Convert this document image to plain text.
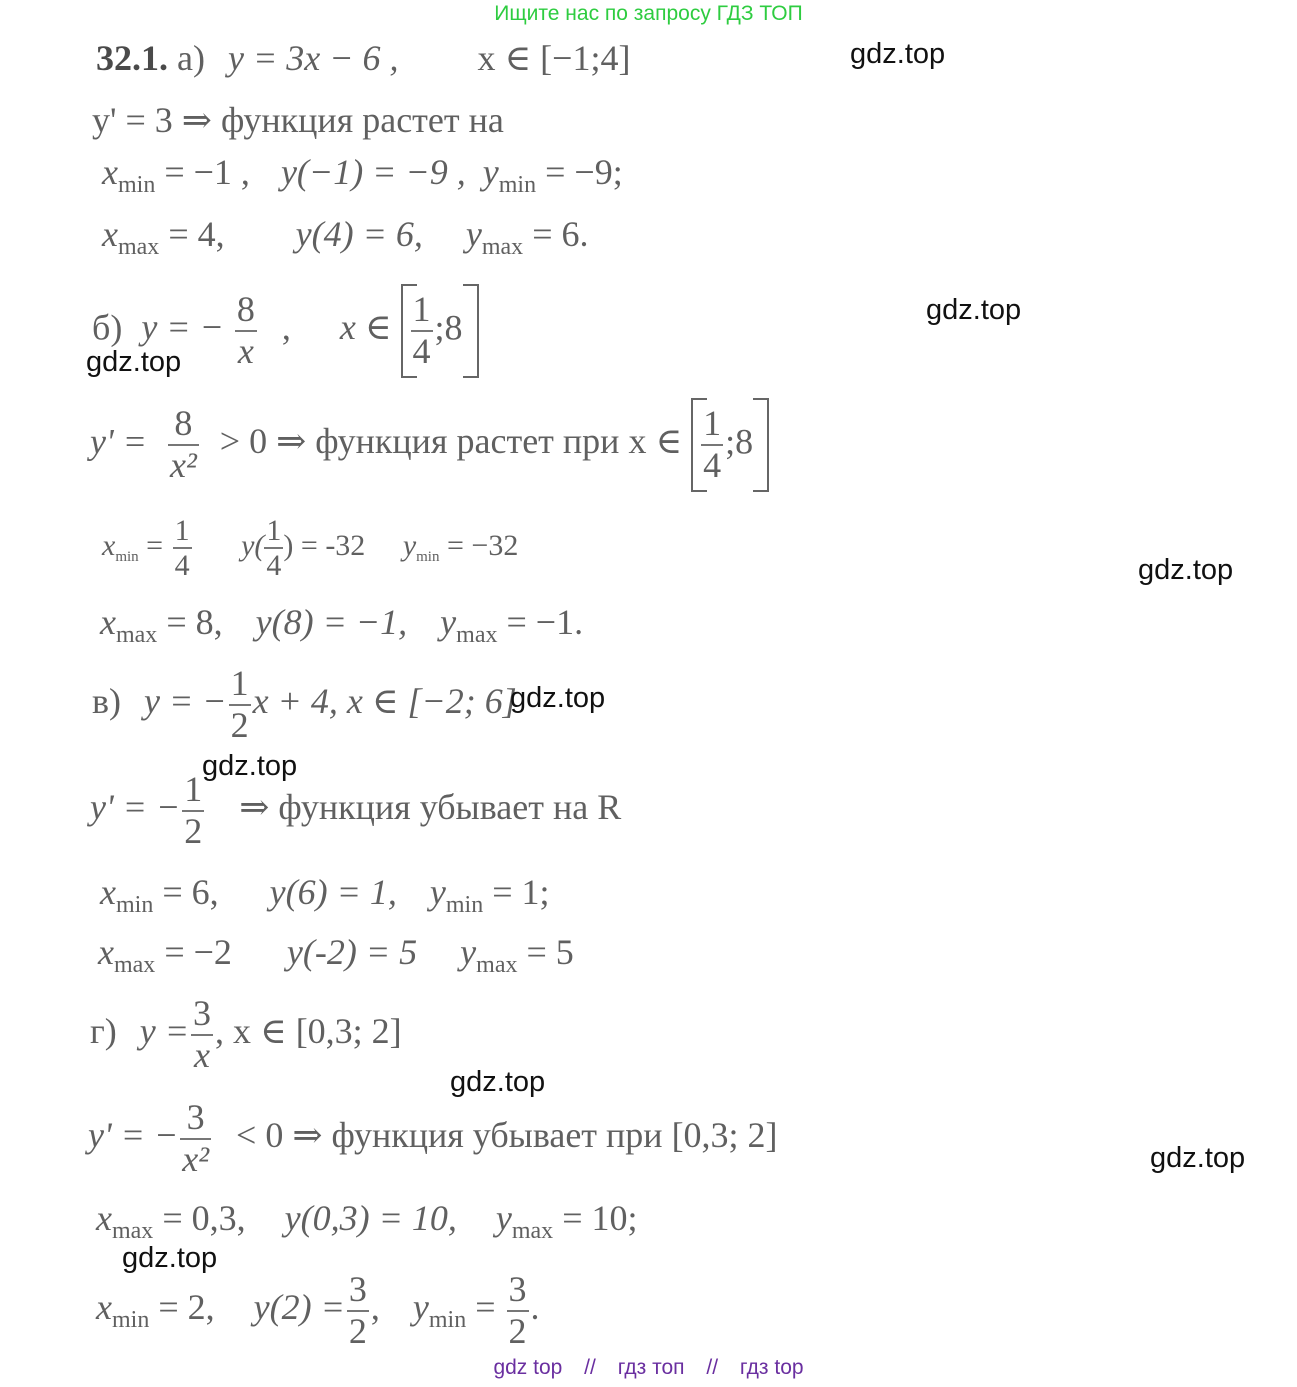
Ищите нас по запросу ГДЗ ТОП
32.1. а) y = 3x − 6 , x ∈ [−1;4]
y' = 3 ⇒ функция растет на
$x_{min} = -1$ , y(−1) = −9 , $y_{min} = -9$;
$x_{max} = 4$, y(4) = 6, $y_{max} = 6$.
б) y = − $\frac{8}{x}$ , x ∈ $\frac{1}{4}$ ;8
$y' = \frac{8}{\text{x²}} > 0$ ⇒ функция растет при x ∈ $\frac{1}{4}$ ;8
$x_{min} = \frac{1}{4} y( \frac{1}{4}$ ) = -32 $y_{min} = -32$
$x_{max} = 8$, y(8) = −1, $y_{max} = -1$.
в) y = − $\frac{1}{2}$ x + 4, x ∈ [−2; 6]
y' = − $\frac{1}{2}$ ⇒ функция убывает на R
$x_{min} = 6$, y(6) = 1, $y_{min} = 1$;
$x_{max} = -2$ y(-2) = 5 $y_{max} = 5$
г) $y = \frac{3}{x}$ , x ∈ [0,3; 2]
y' = − $\frac{3}{\text{x²}} < 0$ ⇒ функция убывает при [0,3; 2]
$x_{max} = 0,3$, y(0,3) = 10, $y_{max} = 10$;
$x_{min} = 2$, $y(2) = \frac{3}{2}$ , $y_{min} = \frac{3}{2}$ .
gdz.top
gdz.top
gdz.top
gdz.top
gdz.top
gdz.top
gdz.top
gdz.top
gdz.top
gdz top // гдз топ // гдз top
